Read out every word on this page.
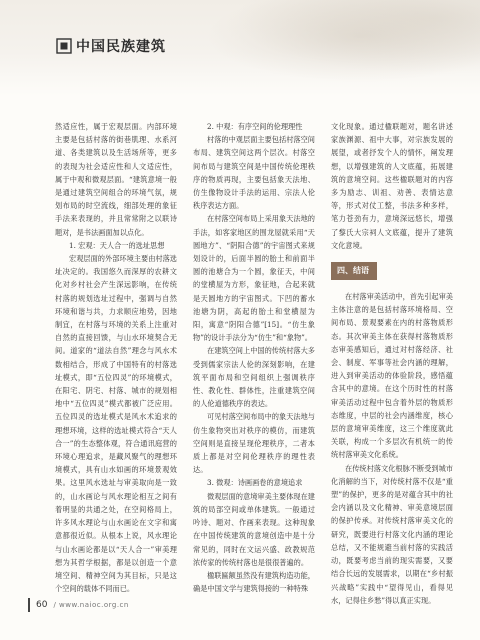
中国民族建筑

然适应性，属于宏观层面。内部环境主要是包括村落的街巷肌理、水系河道、各类建筑以及生活场所等，更多的表现为社会适应性和人文适应性，属于中观和微观层面。“建筑意境一般是通过建筑空间组合的环境气氛，规划布局的时空流线，细部处理的象征手法来表现的，并且常常附之以联诗题对，是书法画面加以点化。

1. 宏观：天人合一的选址思想

宏观层面的外部环境主要由村落选址决定的。我国悠久而深厚的农耕文化对乡村社会产生深远影响，在传统村落的规划选址过程中，强调与自然环境和谐与共，力求顺应地势，因地制宜，在村落与环境的关系上注重对自然的直接回馈，与山水环境契合无间。道家的“道法自然”理念与风水术数相结合，形成了中国特有的村落选址模式，即“五位四灵”的环境模式，在阳宅、阴宅、村落、城市的规划相地中“五位四灵”模式都被广泛应用。五位四灵的选址模式是风水术追求的理想环境，这样的选址模式符合“天人合一”的生态整体观，符合通讯庭营的环境心理追求，是藏风聚气的理想环境模式，具有山水如画的环境景观效果。这里风水选址与审美取向是一致的，山水画论与风水理论相互之间有着明显的共通之处，在空间格局上，许多风水理论与山水画论在文字和寓意都很近似。从根本上说，风水理论与山水画论都是以“天人合一”审美理想为其哲学根据，都是以创造一个意境空间、精神空间为其目标，只是这个空间的载体不同而已。

2. 中观：有序空间的伦理理性

村落的中观层面主要包括村落空间布局、建筑空间这两个层次。村落空间布局与建筑空间是中国传统伦理秩序的物质再现，主要包括象天法地、仿生像物设计手法的运用、宗法人伦秩序表达方面。

在村落空间布局上采用象天法地的手法，如客家地区的围龙屋就采用“天圆地方”、“阴阳合德”的宇宙图式来规划设计的，后面半圆的胎土和前面半圆的池塘合为一个圆，象征天，中间的堂横屋为方形，象征地，合起来就是天圆地方的宇宙图式。下凹的蓄水池塘为阴，高起的胎土和堂横屋为阳，寓意“阴阳合德”[15]。“仿生象物”的设计手法分为“仿生”和“象物”。

在建筑空间上中国的传统村落大多受到儒家宗法人伦的深刻影响，在建筑平面布局和空间组织上强调秩序性、教化性、群体性，注重建筑空间的人伦道德秩序的表达。

可见村落空间布局中的象天法地与仿生象物突出对秩序的模仿，而建筑空间则是直接呈现伦理秩序，二者本质上都是对空间伦理秩序的理性表达。

3. 微观：诗画画卷的意境追求

微观层面的意境审美主要体现在建筑的局部空间或单体建筑。一般通过吟诗、题对、作画来表现。这种现象在中国传统建筑的意境创造中是十分常见的，同时在文运兴盛、政教规范浓传家的传统村落也是很很普遍的。

楹联匾额虽然没有建筑构造功能，确是中国文学与建筑得接的一种特殊

文化现象。通过楹联题对，题名讲述家族渊源、祖中大事，对宗族发展的展望，或者抒发个人的情怀，阐发理想，以增强建筑的人文底蕴，拓展建筑的意境空间。这些楹联题对的内容多为励志、训祖、劝善、表情达意等，形式对仗工整，书法多种多样，笔力苍劲有力，意境深远悠长，增强了黎氏大宗祠人文底蕴，提升了建筑文化意境。

四、结语

在村落审美活动中，首先引起审美主体注意的是包括村落环境格局、空间布局、景观要素在内的村落物质形态。其次审美主体在获得村落物质形态审美感知后，通过对村落经济、社会、制度、军事等社会内涵的理解，进入到审美活动的体验阶段，感悟蕴含其中的意境。在这个历时性的村落审美活动过程中包含着外层的物质形态维度，中层的社会内涵维度，核心层的意境审美维度，这三个维度就此关联，构成一个多层次有机统一的传统村落审美文化系统。

在传统村落文化根脉不断受到城市化消解的当下，对传统村落不仅是“重塑”的保护，更多的是对蕴含其中的社会内涵以及文化精神、审美意境层面的保护传承。对传统村落审美文化的研究，既要进行村落文化内涵的理论总结，又不能规避当前村落的实践活动，既要考虑当前的现实需要，又要结合长远的发展需求，以期在“乡村振兴战略”实践中“望得见山，看得见水，记得住乡愁”得以真正实现。

60 / www.naioc.org.cn
